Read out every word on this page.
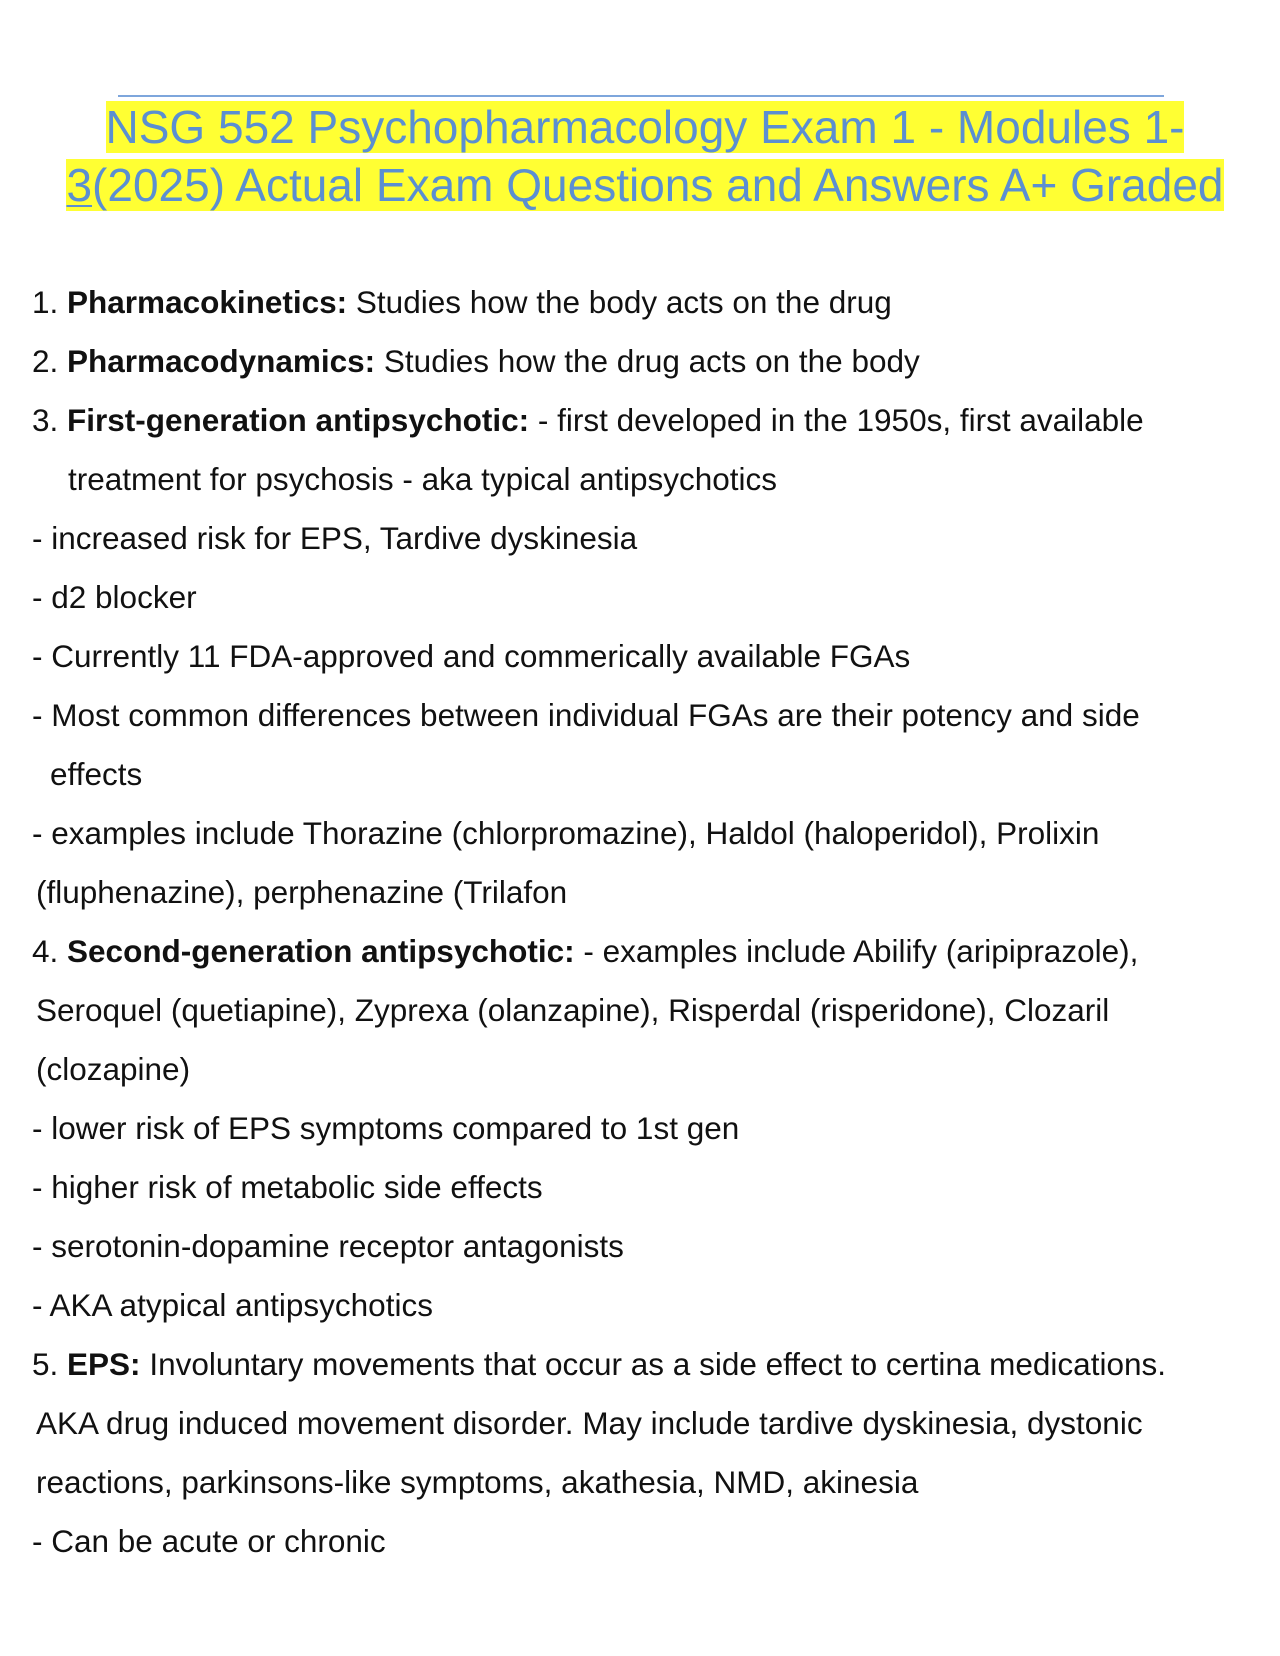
NSG 552 Psychopharmacology Exam 1 - Modules 1-
3(2025) Actual Exam Questions and Answers A+ Graded
1. Pharmacokinetics: Studies how the body acts on the drug
2. Pharmacodynamics: Studies how the drug acts on the body
3. First-generation antipsychotic: - first developed in the 1950s, first available
treatment for psychosis - aka typical antipsychotics
- increased risk for EPS, Tardive dyskinesia
- d2 blocker
- Currently 11 FDA-approved and commerically available FGAs
- Most common differences between individual FGAs are their potency and side
effects
- examples include Thorazine (chlorpromazine), Haldol (haloperidol), Prolixin
(fluphenazine), perphenazine (Trilafon
4. Second-generation antipsychotic: - examples include Abilify (aripiprazole),
Seroquel (quetiapine), Zyprexa (olanzapine), Risperdal (risperidone), Clozaril
(clozapine)
- lower risk of EPS symptoms compared to 1st gen
- higher risk of metabolic side effects
- serotonin-dopamine receptor antagonists
- AKA atypical antipsychotics
5. EPS: Involuntary movements that occur as a side effect to certina medications.
AKA drug induced movement disorder. May include tardive dyskinesia, dystonic
reactions, parkinsons-like symptoms, akathesia, NMD, akinesia
- Can be acute or chronic
